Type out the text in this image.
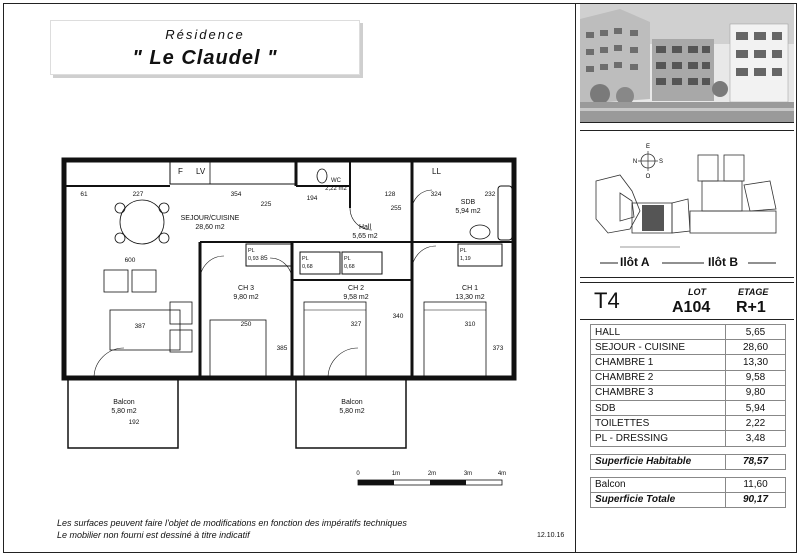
Résidence
" Le Claudel "
E
N	S
O
Ilôt A	Ilôt B
T4	LOT
A104
ETAGE
R+1
HALL	5,65
SEJOUR - CUISINE	28,60
CHAMBRE 1	13,30
CHAMBRE 2	9,58
CHAMBRE 3	9,80
SDB	5,94
TOILETTES	2,22
PL - DRESSING	3,48

Superficie Habitable	78,57

Balcon	11,60
Superficie Totale	90,17
SEJOUR/CUISINE
28,60 m2
WC
2,22 m2
Hall
5,65 m2
SDB
5,94 m2
CH 3
9,80 m2
CH 2
9,58 m2
CH 1
13,30 m2
Balcon
5,80 m2
Balcon
5,80 m2
PL
0,93	PL
0,68
PL
0,68
PL
1,19
F LV	LL
61	227	354
194
128	324	232
225
255
600
387
85
250	327	310
340
385	373
192
0	1m	2m	3m	4m
Les surfaces peuvent faire l'objet de modifications en fonction des impératifs techniques
Le mobilier non fourni est dessiné à titre indicatif	12.10.16
